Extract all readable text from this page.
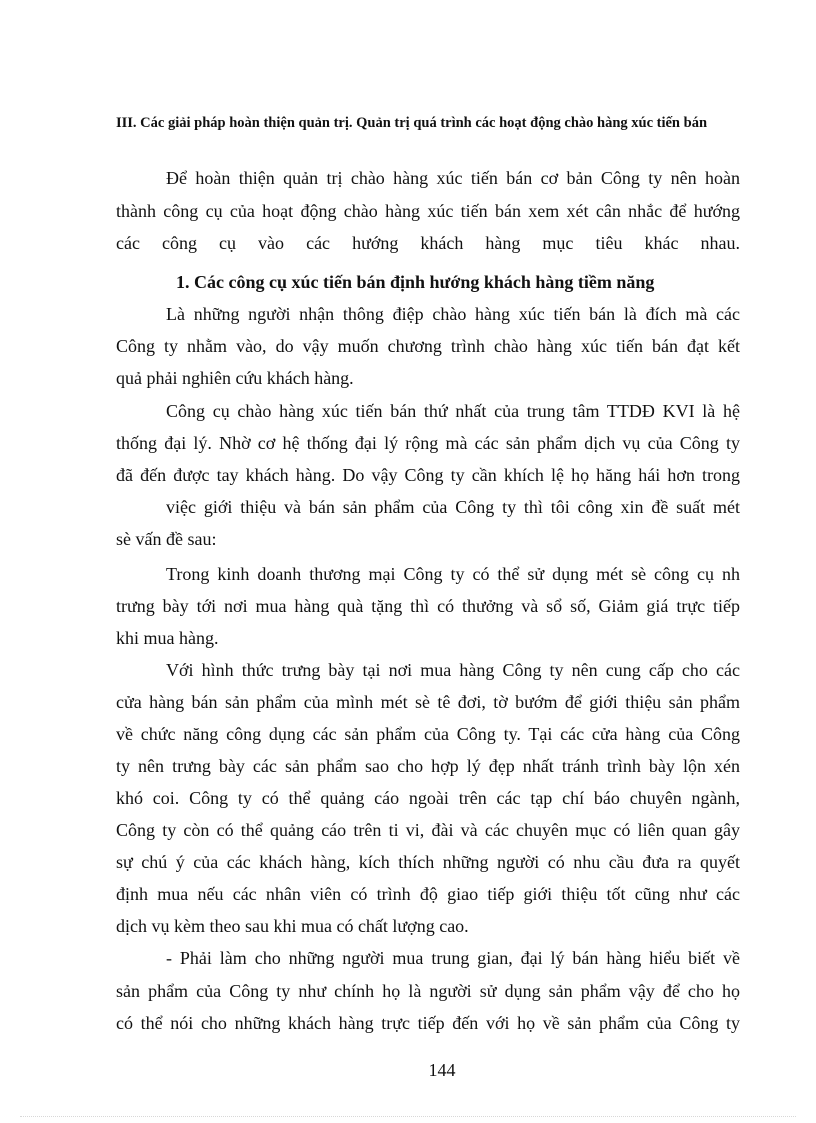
III. Các giải pháp hoàn thiện quản trị. Quản trị quá trình các hoạt động chào hàng xúc tiến bán
Để hoàn thiện quản trị chào hàng xúc tiến bán cơ bản Công ty nên hoàn
thành công cụ của hoạt động chào hàng xúc tiến bán xem xét cân nhắc để hướng
các công cụ vào các hướng khách hàng mục tiêu khác nhau.
1. Các công cụ xúc tiến bán định hướng khách hàng tiềm năng
Là những người nhận thông điệp chào hàng xúc tiến bán là đích mà các
Công ty nhằm vào, do vậy muốn chương trình chào hàng xúc tiến bán đạt kết
quả phải nghiên cứu khách hàng.
Công cụ chào hàng xúc tiến bán thứ nhất của trung tâm TTDĐ KVI là hệ
thống đại lý. Nhờ cơ hệ thống đại lý rộng mà các sản phẩm dịch vụ của Công ty
đã đến được tay khách hàng. Do vậy Công ty cần khích lệ họ hăng hái hơn trong
việc giới thiệu và bán sản phẩm của Công ty thì tôi công xin đề suất mét
sè vấn đề sau:
Trong kinh doanh thương mại Công ty có thể sử dụng mét sè công cụ nh
trưng bày tới nơi mua hàng quà tặng thì có thưởng và sổ số, Giảm giá trực tiếp
khi mua hàng.
Với hình thức trưng bày tại nơi mua hàng Công ty nên cung cấp cho các
cửa hàng bán sản phẩm của mình mét sè tê đơi, tờ bướm để giới thiệu sản phẩm
về chức năng công dụng các sản phẩm của Công ty. Tại các cửa hàng của Công
ty nên trưng bày các sản phẩm sao cho hợp lý đẹp nhất tránh trình bày lộn xén
khó coi. Công ty có thể quảng cáo ngoài trên các tạp chí báo chuyên ngành,
Công ty còn có thể quảng cáo trên ti vi, đài và các chuyên mục có liên quan gây
sự chú ý của các khách hàng, kích thích những người có nhu cầu đưa ra quyết
định mua nếu các nhân viên có trình độ giao tiếp giới thiệu tốt cũng như các
dịch vụ kèm theo sau khi mua có chất lượng cao.
- Phải làm cho những người mua trung gian, đại lý bán hàng hiểu biết về
sản phẩm của Công ty như chính họ là người sử dụng sản phẩm vậy để cho họ
có thể nói cho những khách hàng trực tiếp đến với họ về sản phẩm của Công ty
144
